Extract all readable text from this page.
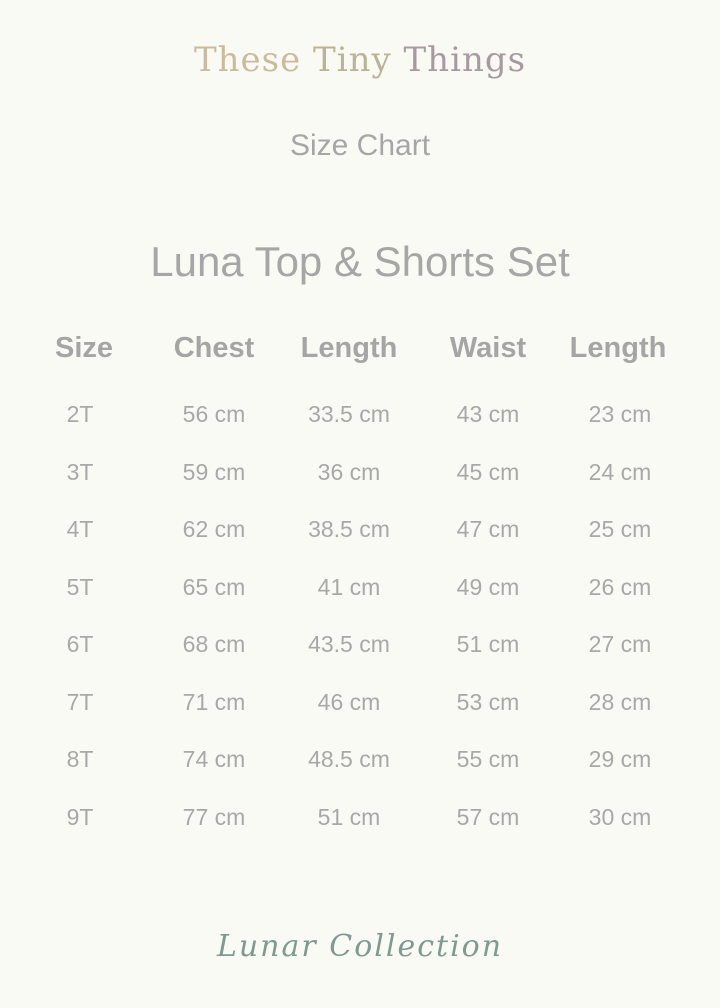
These Tiny Things
Size Chart
Luna Top & Shorts Set
Size	Chest	Length	Waist	Length
2T	56 cm	33.5 cm	43 cm	23 cm
3T	59 cm	36 cm	45 cm	24 cm
4T	62 cm	38.5 cm	47 cm	25 cm
5T	65 cm	41 cm	49 cm	26 cm
6T	68 cm	43.5 cm	51 cm	27 cm
7T	71 cm	46 cm	53 cm	28 cm
8T	74 cm	48.5 cm	55 cm	29 cm
9T	77 cm	51 cm	57 cm	30 cm
Lunar Collection
